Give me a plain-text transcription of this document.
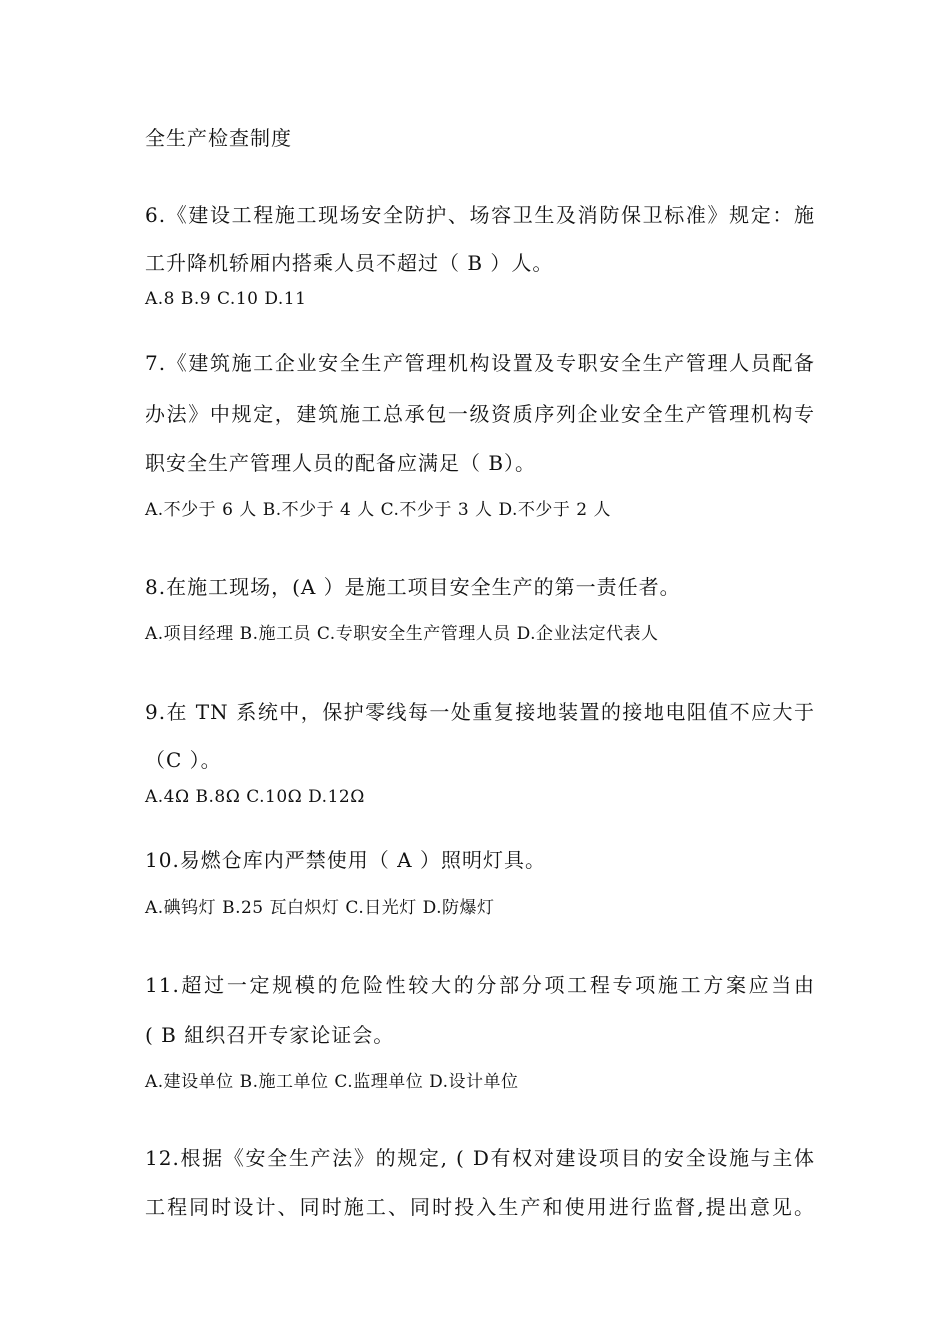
全生产检查制度
6.《建设工程施工现场安全防护、场容卫生及消防保卫标准》规定：施
工升降机轿厢内搭乘人员不超过（ B ）人。
A.8 B.9 C.10 D.11
7.《建筑施工企业安全生产管理机构设置及专职安全生产管理人员配备
办法》中规定，建筑施工总承包一级资质序列企业安全生产管理机构专
职安全生产管理人员的配备应满足（ B）。
A.不少于 6 人 B.不少于 4 人 C.不少于 3 人 D.不少于 2 人
8.在施工现场，(A ）是施工项目安全生产的第一责任者。
A.项目经理 B.施工员 C.专职安全生产管理人员 D.企业法定代表人
9.在 TN 系统中，保护零线每一处重复接地装置的接地电阻值不应大于
（C ）。
A.4Ω B.8Ω C.10Ω D.12Ω
10.易燃仓库内严禁使用（ A ）照明灯具。
A.碘钨灯 B.25 瓦白炽灯 C.日光灯 D.防爆灯
11.超过一定规模的危险性较大的分部分项工程专项施工方案应当由
( B 組织召开专家论证会。
A.建设单位 B.施工单位 C.监理单位 D.设计单位
12.根据《安全生产法》的规定, ( D有权对建设项目的安全设施与主体
工程同时设计、同时施工、同时投入生产和使用进行监督,提出意见。
